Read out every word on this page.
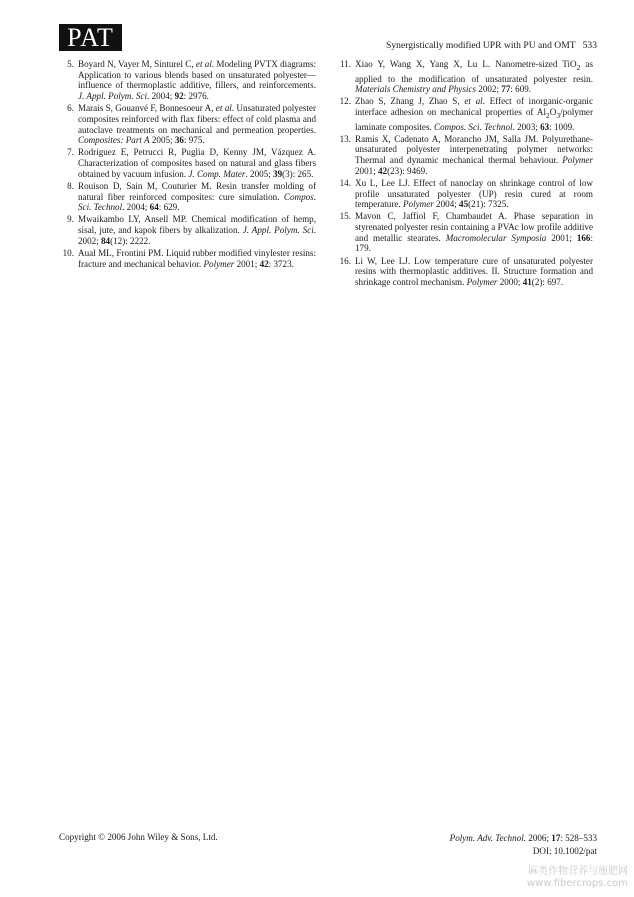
PAT	Synergistically modified UPR with PU and OMT 533
5. Boyard N, Vayer M, Sinturel C, et al. Modeling PVTX diagrams: Application to various blends based on unsaturated polyester—influence of thermoplastic additive, fillers, and reinforcements. J. Appl. Polym. Sci. 2004; 92: 2976.
6. Marais S, Gouanvé F, Bonnesoeur A, et al. Unsaturated polyester composites reinforced with flax fibers: effect of cold plasma and autoclave treatments on mechanical and permeation properties. Composites: Part A 2005; 36: 975.
7. Rodriguez E, Petrucci R, Puglia D, Kenny JM, Vázquez A. Characterization of composites based on natural and glass fibers obtained by vacuum infusion. J. Comp. Mater. 2005; 39(3): 265.
8. Rouison D, Sain M, Couturier M. Resin transfer molding of natural fiber reinforced composites: cure simulation. Compos. Sci. Technol. 2004; 64: 629.
9. Mwaikambo LY, Ansell MP. Chemical modification of hemp, sisal, jute, and kapok fibers by alkalization. J. Appl. Polym. Sci. 2002; 84(12): 2222.
10. Aual ML, Frontini PM. Liquid rubber modified vinylester resins: fracture and mechanical behavior. Polymer 2001; 42: 3723.
11. Xiao Y, Wang X, Yang X, Lu L. Nanometre-sized TiO$_2$ as applied to the modification of unsaturated polyester resin. Materials Chemistry and Physics 2002; 77: 609.
12. Zhao S, Zhang J, Zhao S, et al. Effect of inorganic-organic interface adhesion on mechanical properties of $Al_2O_3$/polymer laminate composites. Compos. Sci. Technol. 2003; 63: 1009.
13. Ramis X, Cadenato A, Morancho JM, Salla JM. Polyurethane-unsaturated polyester interpenetrating polymer networks: Thermal and dynamic mechanical thermal behaviour. Polymer 2001; 42(23): 9469.
14. Xu L, Lee LJ. Effect of nanoclay on shrinkage control of low profile unsaturated polyester (UP) resin cured at room temperature. Polymer 2004; 45(21): 7325.
15. Mavon C, Jaffiol F, Chambaudet A. Phase separation in styrenated polyester resin containing a PVAc low profile additive and metallic stearates. Macromolecular Symposia 2001; 166: 179.
16. Li W, Lee LJ. Low temperature cure of unsaturated polyester resins with thermoplastic additives. II. Structure formation and shrinkage control mechanism. Polymer 2000; 41(2): 697.
Copyright © 2006 John Wiley & Sons, Ltd.	Polym. Adv. Technol. 2006; 17: 528–533
DOI: 10.1002/pat
麻类作物营养与施肥网
www.fibercrops.com
